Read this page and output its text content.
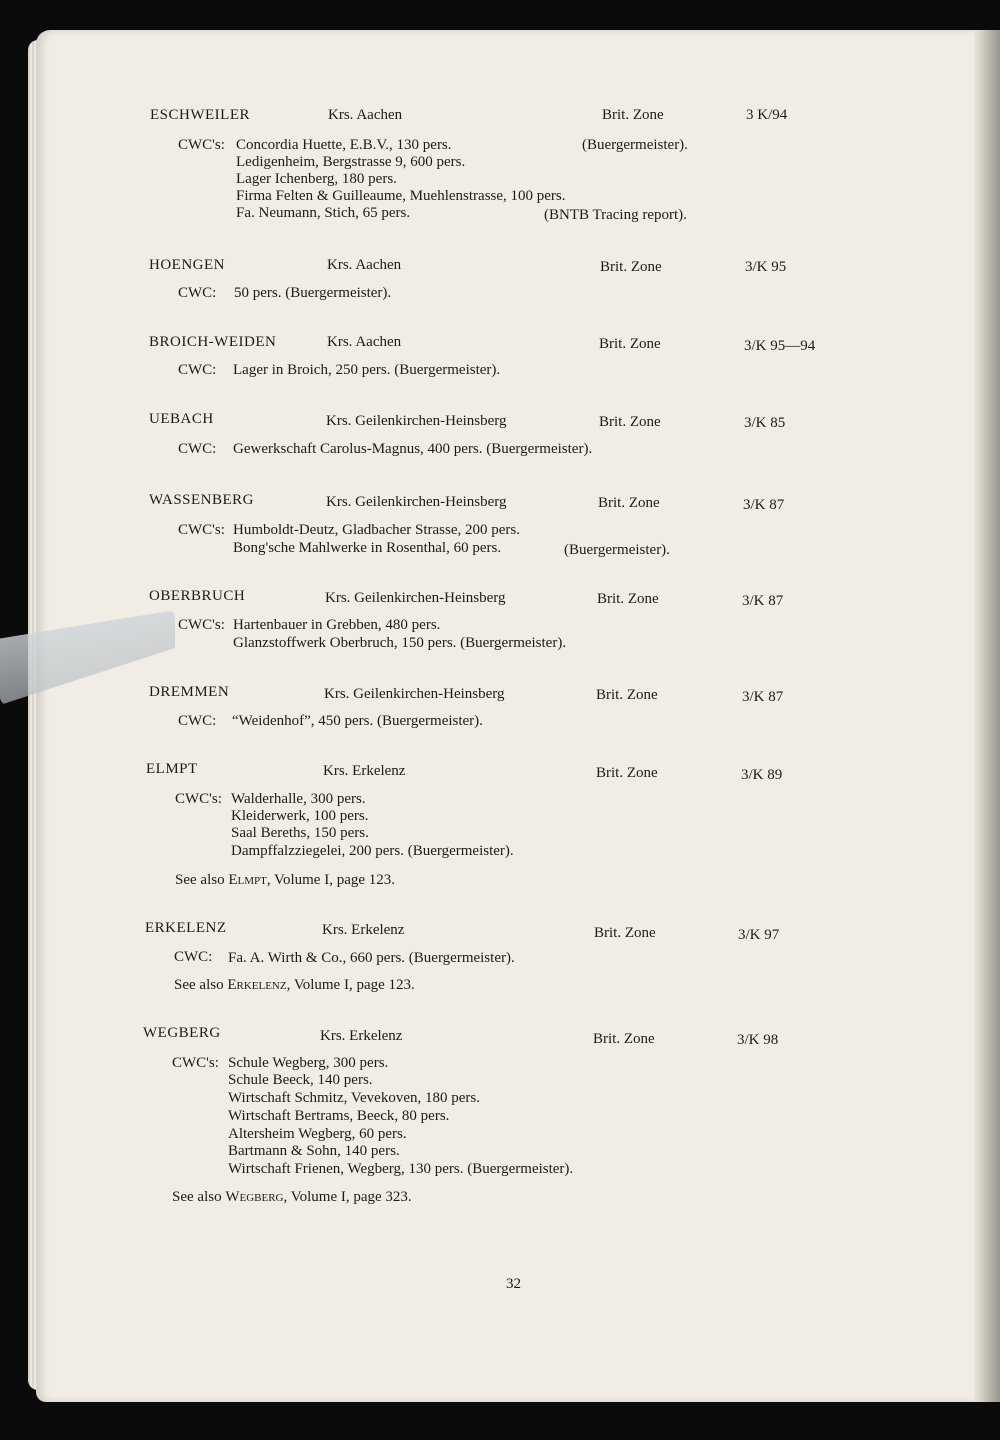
ESCHWEILER	Krs. Aachen	Brit. Zone	3 K/94
CWC's: Concordia Huette, E.B.V., 130 pers.	(Buergermeister).
Ledigenheim, Bergstrasse 9, 600 pers.
Lager Ichenberg, 180 pers.
Firma Felten & Guilleaume, Muehlenstrasse, 100 pers.
Fa. Neumann, Stich, 65 pers.	(BNTB Tracing report).
HOENGEN	Krs. Aachen	Brit. Zone	3/K 95
CWC: 50 pers. (Buergermeister).
BROICH-WEIDEN	Krs. Aachen	Brit. Zone	3/K 95—94
CWC: Lager in Broich, 250 pers. (Buergermeister).
UEBACH	Krs. Geilenkirchen-Heinsberg	Brit. Zone	3/K 85
CWC: Gewerkschaft Carolus-Magnus, 400 pers. (Buergermeister).
WASSENBERG	Krs. Geilenkirchen-Heinsberg	Brit. Zone	3/K 87
CWC's: Humboldt-Deutz, Gladbacher Strasse, 200 pers.
Bong'sche Mahlwerke in Rosenthal, 60 pers.	(Buergermeister).
OBERBRUCH	Krs. Geilenkirchen-Heinsberg	Brit. Zone	3/K 87
CWC's: Hartenbauer in Grebben, 480 pers.
Glanzstoffwerk Oberbruch, 150 pers. (Buergermeister).
DREMMEN	Krs. Geilenkirchen-Heinsberg	Brit. Zone	3/K 87
CWC: “Weidenhof”, 450 pers. (Buergermeister).
ELMPT	Krs. Erkelenz	Brit. Zone	3/K 89
CWC's: Walderhalle, 300 pers.
Kleiderwerk, 100 pers.
Saal Bereths, 150 pers.
Dampffalzziegelei, 200 pers. (Buergermeister).
See also Elmpt, Volume I, page 123.
ERKELENZ	Krs. Erkelenz	Brit. Zone	3/K 97
CWC: Fa. A. Wirth & Co., 660 pers. (Buergermeister).
See also Erkelenz, Volume I, page 123.
WEGBERG	Krs. Erkelenz	Brit. Zone	3/K 98
CWC's: Schule Wegberg, 300 pers.
Schule Beeck, 140 pers.
Wirtschaft Schmitz, Vevekoven, 180 pers.
Wirtschaft Bertrams, Beeck, 80 pers.
Altersheim Wegberg, 60 pers.
Bartmann & Sohn, 140 pers.
Wirtschaft Frienen, Wegberg, 130 pers. (Buergermeister).
See also Wegberg, Volume I, page 323.
32
